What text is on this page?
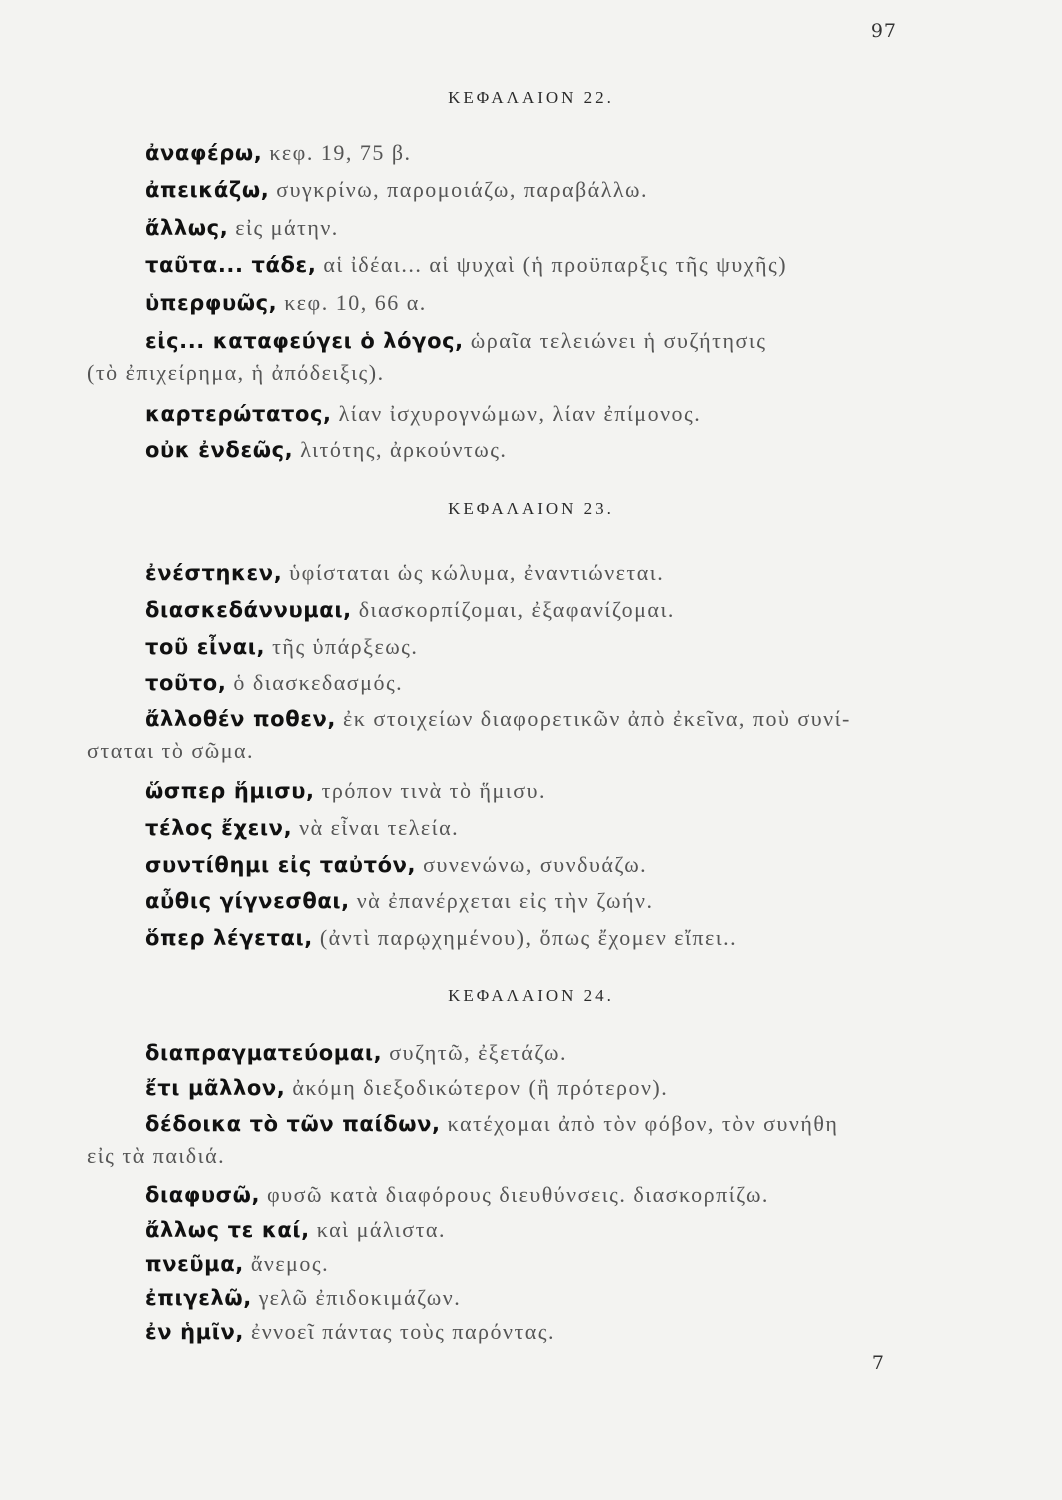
97
ΚΕΦΑΛΑΙΟΝ 22.
ἀναφέρω, κεφ. 19, 75 β.
ἀπεικάζω, συγκρίνω, παρομοιάζω, παραβάλλω.
ἄλλως, εἰς μάτην.
ταῦτα... τάδε, αἱ ἰδέαι... αἱ ψυχαὶ (ἡ προϋπαρξις τῆς ψυχῆς)
ὑπερφυῶς, κεφ. 10, 66 α.
εἰς... καταφεύγει ὁ λόγος, ὡραῖα τελειώνει ἡ συζήτησις
(τὸ ἐπιχείρημα, ἡ ἀπόδειξις).
καρτερώτατος, λίαν ἰσχυρογνώμων, λίαν ἐπίμονος.
οὐκ ἐνδεῶς, λιτότης, ἀρκούντως.
ΚΕΦΑΛΑΙΟΝ 23.
ἐνέστηκεν, ὑφίσταται ὡς κώλυμα, ἐναντιώνεται.
διασκεδάννυμαι, διασκορπίζομαι, ἐξαφανίζομαι.
τοῦ εἶναι, τῆς ὑπάρξεως.
τοῦτο, ὁ διασκεδασμός.
ἄλλοθέν ποθεν, ἐκ στοιχείων διαφορετικῶν ἀπὸ ἐκεῖνα, ποὺ συνί-
σταται τὸ σῶμα.
ὥσπερ ἥμισυ, τρόπον τινὰ τὸ ἥμισυ.
τέλος ἔχειν, νὰ εἶναι τελεία.
συντίθημι εἰς ταὐτόν, συνενώνω, συνδυάζω.
αὖθις γίγνεσθαι, νὰ ἐπανέρχεται εἰς τὴν ζωήν.
ὅπερ λέγεται, (ἀντὶ παρῳχημένου), ὅπως ἔχομεν εἴπει..
ΚΕΦΑΛΑΙΟΝ 24.
διαπραγματεύομαι, συζητῶ, ἐξετάζω.
ἔτι μᾶλλον, ἀκόμη διεξοδικώτερον (ἢ πρότερον).
δέδοικα τὸ τῶν παίδων, κατέχομαι ἀπὸ τὸν φόβον, τὸν συνήθη
εἰς τὰ παιδιά.
διαφυσῶ, φυσῶ κατὰ διαφόρους διευθύνσεις. διασκορπίζω.
ἄλλως τε καί, καὶ μάλιστα.
πνεῦμα, ἄνεμος.
ἐπιγελῶ, γελῶ ἐπιδοκιμάζων.
ἐν ἡμῖν, ἐννοεῖ πάντας τοὺς παρόντας.
7
